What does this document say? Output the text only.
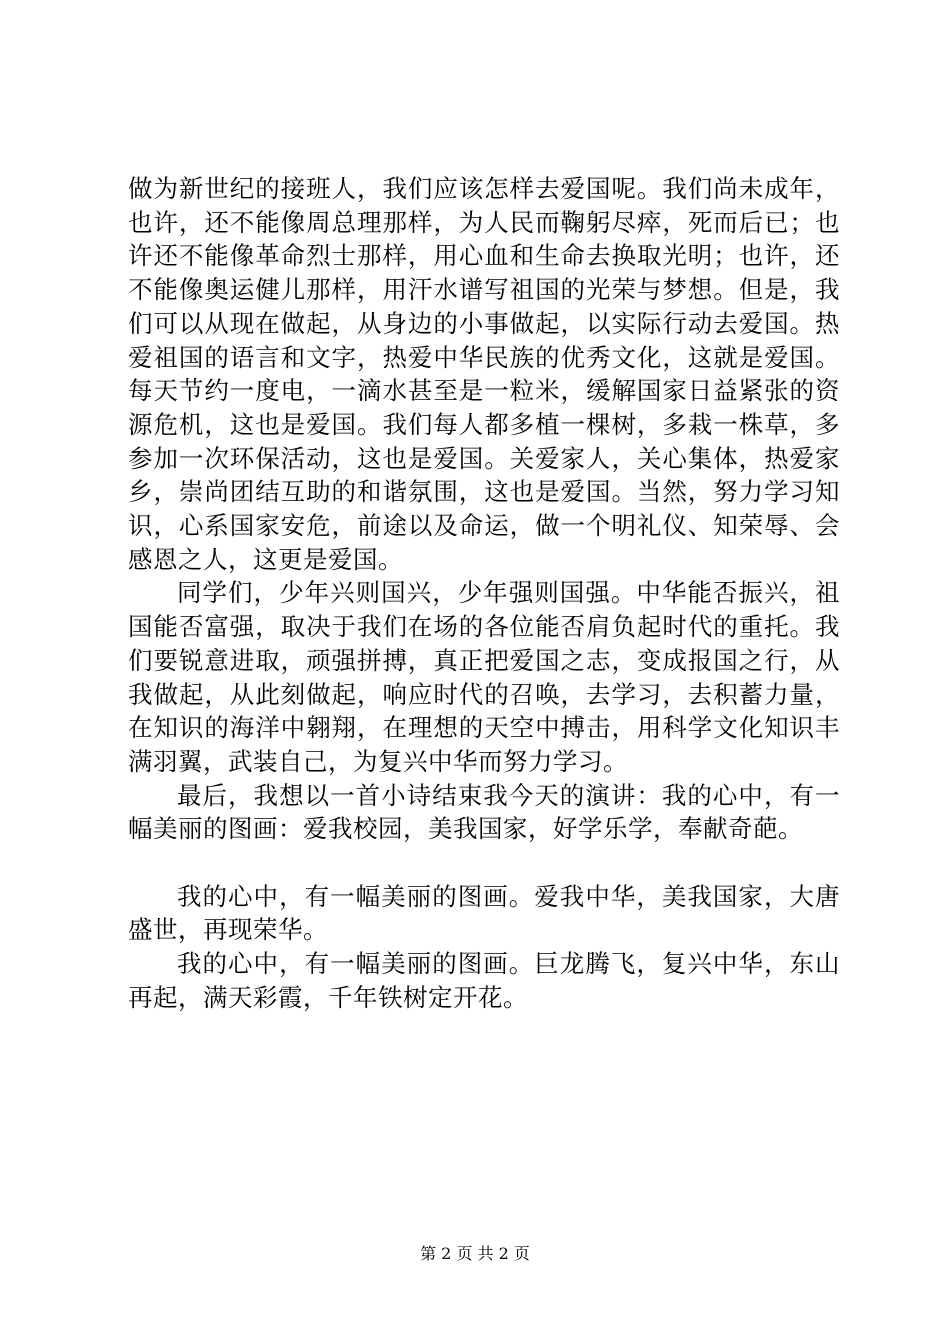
做为新世纪的接班人，我们应该怎样去爱国呢。我们尚未成年，也许，还不能像周总理那样，为人民而鞠躬尽瘁，死而后已；也许还不能像革命烈士那样，用心血和生命去换取光明；也许，还不能像奥运健儿那样，用汗水谱写祖国的光荣与梦想。但是，我们可以从现在做起，从身边的小事做起，以实际行动去爱国。热爱祖国的语言和文字，热爱中华民族的优秀文化，这就是爱国。每天节约一度电，一滴水甚至是一粒米，缓解国家日益紧张的资源危机，这也是爱国。我们每人都多植一棵树，多栽一株草，多参加一次环保活动，这也是爱国。关爱家人，关心集体，热爱家乡，崇尚团结互助的和谐氛围，这也是爱国。当然，努力学习知识，心系国家安危，前途以及命运，做一个明礼仪、知荣辱、会感恩之人，这更是爱国。

同学们，少年兴则国兴，少年强则国强。中华能否振兴，祖国能否富强，取决于我们在场的各位能否肩负起时代的重托。我们要锐意进取，顽强拼搏，真正把爱国之志，变成报国之行，从我做起，从此刻做起，响应时代的召唤，去学习，去积蓄力量，在知识的海洋中翱翔，在理想的天空中搏击，用科学文化知识丰满羽翼，武装自己，为复兴中华而努力学习。

最后，我想以一首小诗结束我今天的演讲：我的心中，有一幅美丽的图画：爱我校园，美我国家，好学乐学，奉献奇葩。

我的心中，有一幅美丽的图画。爱我中华，美我国家，大唐盛世，再现荣华。

我的心中，有一幅美丽的图画。巨龙腾飞，复兴中华，东山再起，满天彩霞，千年铁树定开花。

第 2 页 共 2 页
